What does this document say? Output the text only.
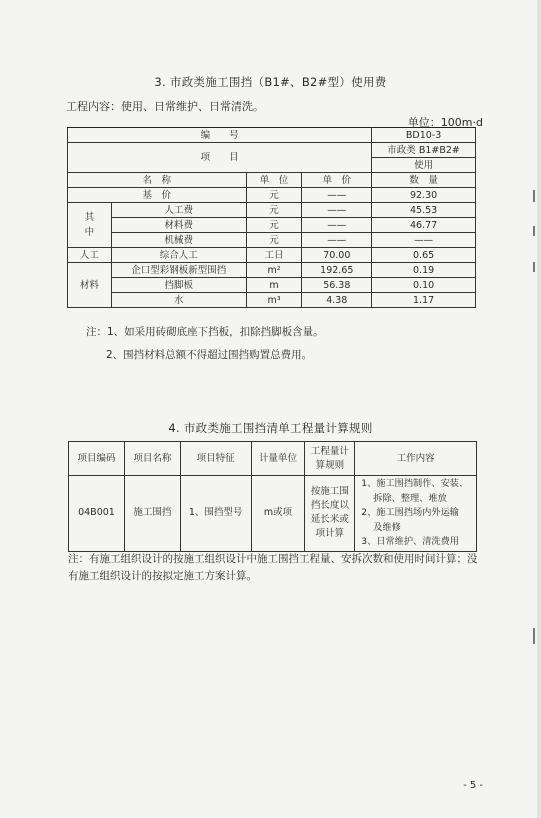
3. 市政类施工围挡（B1#、B2#型）使用费
工程内容：使用、日常维护、日常清洗。
单位：100m·d
编　　号				BD10-3
项　　目				市政类 B1#B2#
				使用
名　称		单　位	单　价	数　量
基　价		元	——	92.30
其
中	人工费	元	——	45.53
	材料费	元	——	46.77
	机械费	元	——	——
人工	综合人工	工日	70.00	0.65
材料	企口型彩钢板新型围挡	m²	192.65	0.19
	挡脚板	m	56.38	0.10
	水	m³	4.38	1.17
注：1、如采用砖砌底座下挡板，扣除挡脚板含量。
2、围挡材料总额不得超过围挡购置总费用。
4. 市政类施工围挡清单工程量计算规则
项目编码	项目名称	项目特征	计量单位	工程量计算规则	工作内容
04B001	施工围挡	1、围挡型号	m或项	按施工围挡长度以延长米或项计算	1、施工围挡制作、安装、
拆除、整理、堆放
2、施工围挡场内外运输
及维修
3、日常维护、清洗费用
注：有施工组织设计的按施工组织设计中施工围挡工程量、安拆次数和使用时间计算；没有施工组织设计的按拟定施工方案计算。
- 5 -
